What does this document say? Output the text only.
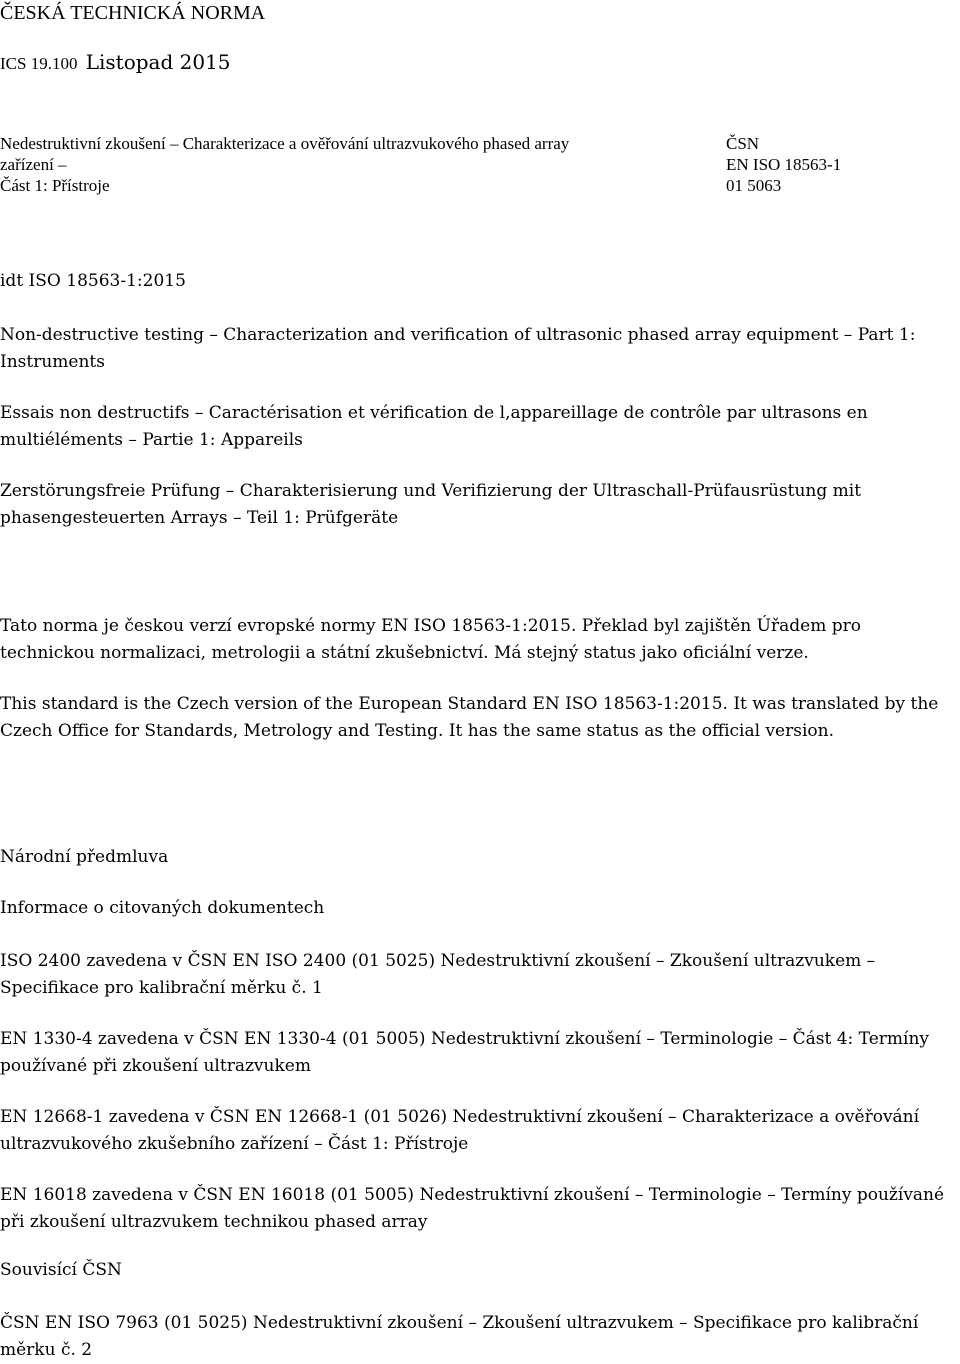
ČESKÁ TECHNICKÁ NORMA
ICS 19.100 Listopad 2015
Nedestruktivní zkoušení – Charakterizace a ověřování ultrazvukového phased array
zařízení –
Část 1: Přístroje
ČSN
EN ISO 18563-1
01 5063
idt ISO 18563-1:2015

Non-destructive testing – Characterization and verification of ultrasonic phased array equipment – Part 1: Instruments

Essais non destructifs – Caractérisation et vérification de l‚appareillage de contrôle par ultrasons en multiéléments – Partie 1: Appareils

Zerstörungsfreie Prüfung – Charakterisierung und Verifizierung der Ultraschall-Prüfausrüstung mit phasengesteuerten Arrays – Teil 1: Prüfgeräte

Tato norma je českou verzí evropské normy EN ISO 18563-1:2015. Překlad byl zajištěn Úřadem pro technickou normalizaci, metrologii a státní zkušebnictví. Má stejný status jako oficiální verze.

This standard is the Czech version of the European Standard EN ISO 18563-1:2015. It was translated by the Czech Office for Standards, Metrology and Testing. It has the same status as the official version.

Národní předmluva

Informace o citovaných dokumentech

ISO 2400 zavedena v ČSN EN ISO 2400 (01 5025) Nedestruktivní zkoušení – Zkoušení ultrazvukem – Specifikace pro kalibrační měrku č. 1

EN 1330-4 zavedena v ČSN EN 1330-4 (01 5005) Nedestruktivní zkoušení – Terminologie – Část 4: Termíny používané při zkoušení ultrazvukem

EN 12668-1 zavedena v ČSN EN 12668-1 (01 5026) Nedestruktivní zkoušení – Charakterizace a ověřování ultrazvukového zkušebního zařízení – Část 1: Přístroje

EN 16018 zavedena v ČSN EN 16018 (01 5005) Nedestruktivní zkoušení – Terminologie – Termíny používané při zkoušení ultrazvukem technikou phased array

Souvisící ČSN

ČSN EN ISO 7963 (01 5025) Nedestruktivní zkoušení – Zkoušení ultrazvukem – Specifikace pro kalibrační měrku č. 2
